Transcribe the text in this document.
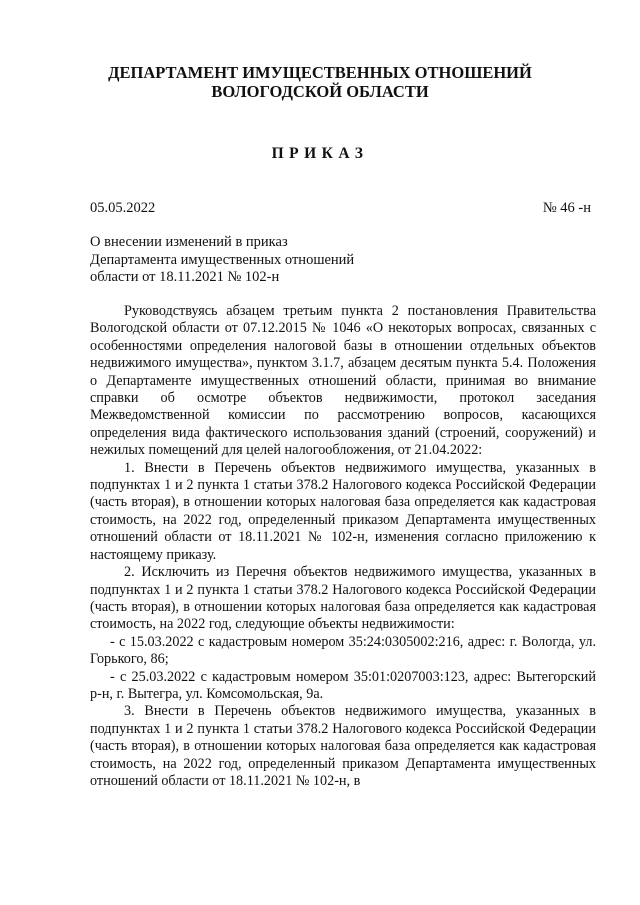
ДЕПАРТАМЕНТ ИМУЩЕСТВЕННЫХ ОТНОШЕНИЙ
ВОЛОГОДСКОЙ ОБЛАСТИ
ПРИКАЗ
05.05.2022	№ 46 -н
О внесении изменений в приказ
Департамента имущественных отношений
области от 18.11.2021 № 102-н

Руководствуясь абзацем третьим пункта 2 постановления Правительства Вологодской области от 07.12.2015 № 1046 «О некоторых вопросах, связанных с особенностями определения налоговой базы в отношении отдельных объектов недвижимого имущества», пунктом 3.1.7, абзацем десятым пункта 5.4. Положения о Департаменте имущественных отношений области, принимая во внимание справки об осмотре объектов недвижимости, протокол заседания Межведомственной комиссии по рассмотрению вопросов, касающихся определения вида фактического использования зданий (строений, сооружений) и нежилых помещений для целей налогообложения, от 21.04.2022:

1. Внести в Перечень объектов недвижимого имущества, указанных в подпунктах 1 и 2 пункта 1 статьи 378.2 Налогового кодекса Российской Федерации (часть вторая), в отношении которых налоговая база определяется как кадастровая стоимость, на 2022 год, определенный приказом Департамента имущественных отношений области от 18.11.2021 № 102-н, изменения согласно приложению к настоящему приказу.

2. Исключить из Перечня объектов недвижимого имущества, указанных в подпунктах 1 и 2 пункта 1 статьи 378.2 Налогового кодекса Российской Федерации (часть вторая), в отношении которых налоговая база определяется как кадастровая стоимость, на 2022 год, следующие объекты недвижимости:

- с 15.03.2022 с кадастровым номером 35:24:0305002:216, адрес: г. Вологда, ул. Горького, 86;

- с 25.03.2022 с кадастровым номером 35:01:0207003:123, адрес: Вытегорский р-н, г. Вытегра, ул. Комсомольская, 9а.

3. Внести в Перечень объектов недвижимого имущества, указанных в подпунктах 1 и 2 пункта 1 статьи 378.2 Налогового кодекса Российской Федерации (часть вторая), в отношении которых налоговая база определяется как кадастровая стоимость, на 2022 год, определенный приказом Департамента имущественных отношений области от 18.11.2021 № 102-н, в
